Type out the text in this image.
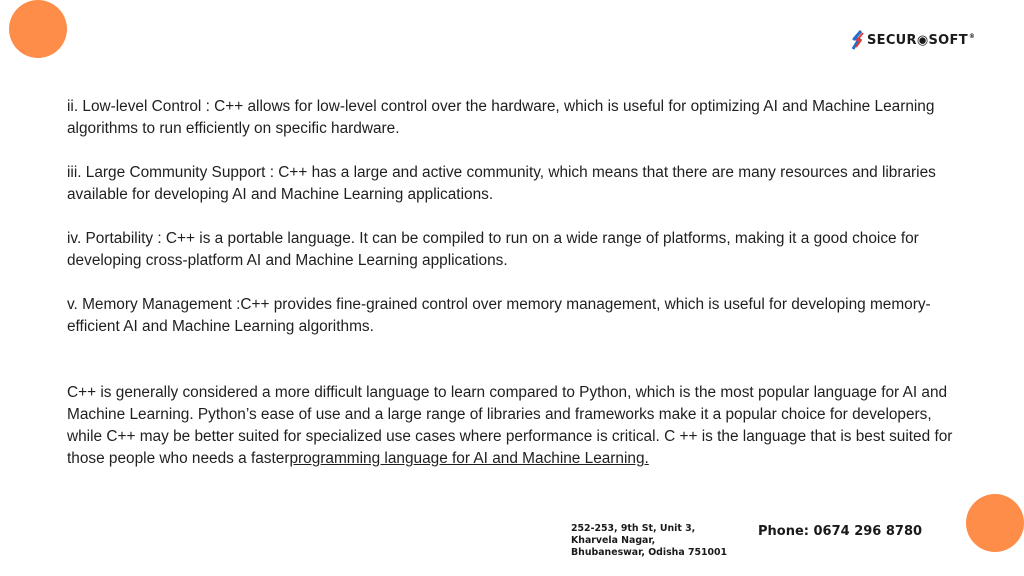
SECUR◉SOFT®

ii. Low-level Control : C++ allows for low-level control over the hardware, which is useful for optimizing AI and Machine Learning algorithms to run efficiently on specific hardware.

iii. Large Community Support : C++ has a large and active community, which means that there are many resources and libraries available for developing AI and Machine Learning applications.

iv. Portability : C++ is a portable language. It can be compiled to run on a wide range of platforms, making it a good choice for developing cross-platform AI and Machine Learning applications.

v. Memory Management :C++ provides fine-grained control over memory management, which is useful for developing memory-efficient AI and Machine Learning algorithms.

C++ is generally considered a more difficult language to learn compared to Python, which is the most popular language for AI and Machine Learning. Python’s ease of use and a large range of libraries and frameworks make it a popular choice for developers, while C++ may be better suited for specialized use cases where performance is critical. C ++ is the language that is best suited for those people who needs a fasterprogramming language for AI and Machine Learning.

252-253, 9th St, Unit 3,
Kharvela Nagar,
Bhubaneswar, Odisha 751001
Phone: 0674 296 8780
